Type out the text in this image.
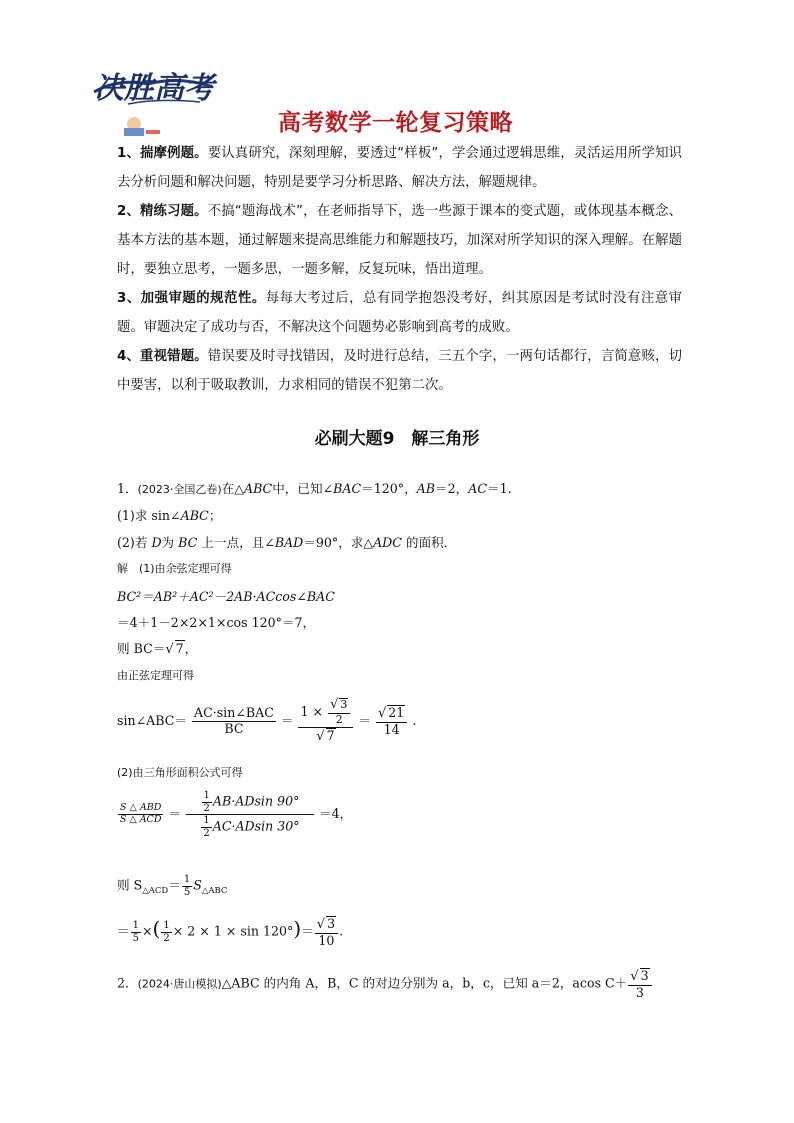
决胜高考
高考数学一轮复习策略

1、揣摩例题。要认真研究，深刻理解，要透过“样板”，学会通过逻辑思维，灵活运用所学知识去分析问题和解决问题，特别是要学习分析思路、解决方法，解题规律。

2、精练习题。不搞“题海战术”，在老师指导下，选一些源于课本的变式题，或体现基本概念、基本方法的基本题，通过解题来提高思维能力和解题技巧，加深对所学知识的深入理解。在解题时，要独立思考，一题多思，一题多解，反复玩味，悟出道理。

3、加强审题的规范性。每每大考过后，总有同学抱怨没考好，纠其原因是考试时没有注意审题。审题决定了成功与否，不解决这个问题势必影响到高考的成败。

4、重视错题。错误要及时寻找错因，及时进行总结，三五个字，一两句话都行，言简意赅，切中要害，以利于吸取教训，力求相同的错误不犯第二次。

必刷大题9　解三角形
1．(2023·全国乙卷)在△ABC中，已知∠BAC＝120°，AB＝2，AC＝1.
(1)求 sin∠ABC；
(2)若 D为 BC 上一点，且∠BAD＝90°，求△ADC 的面积．
解　(1)由余弦定理可得
BC²＝AB²＋AC²－2AB·ACcos∠BAC
＝4＋1－2×2×1×cos 120°＝7，
则 BC＝√ 7，
由正弦定理可得
sin∠ABC＝ $\frac{\text{AC·sin∠BAC}}{BC} = \frac{1 \times \frac{√ 3}{2}}{√ 7} = \frac{√ 21}{14}$ .
(2)由三角形面积公式可得
$\frac{\text{S △ ABD}}{\text{S △ ACD}} = \frac{\frac{1}{2} AB\cdot ADsin 90^\circ}{\frac{1}{2} AC\cdot ADsin 30^\circ} =4$，
则 $S_{\triangle ACD}= \frac{1}{5} S_{\triangle ABC}$
＝ $\frac{1}{5}$ ×( $\frac{1}{2} \times 2 \times 1 \times \sin 120^\circ)= \frac{√ 3}{10}$ .
2．(2024·唐山模拟)△ABC 的内角 A，B，C 的对边分别为 a，b，c，已知 a＝2，acos $C+ \frac{√ 3}{3}$
